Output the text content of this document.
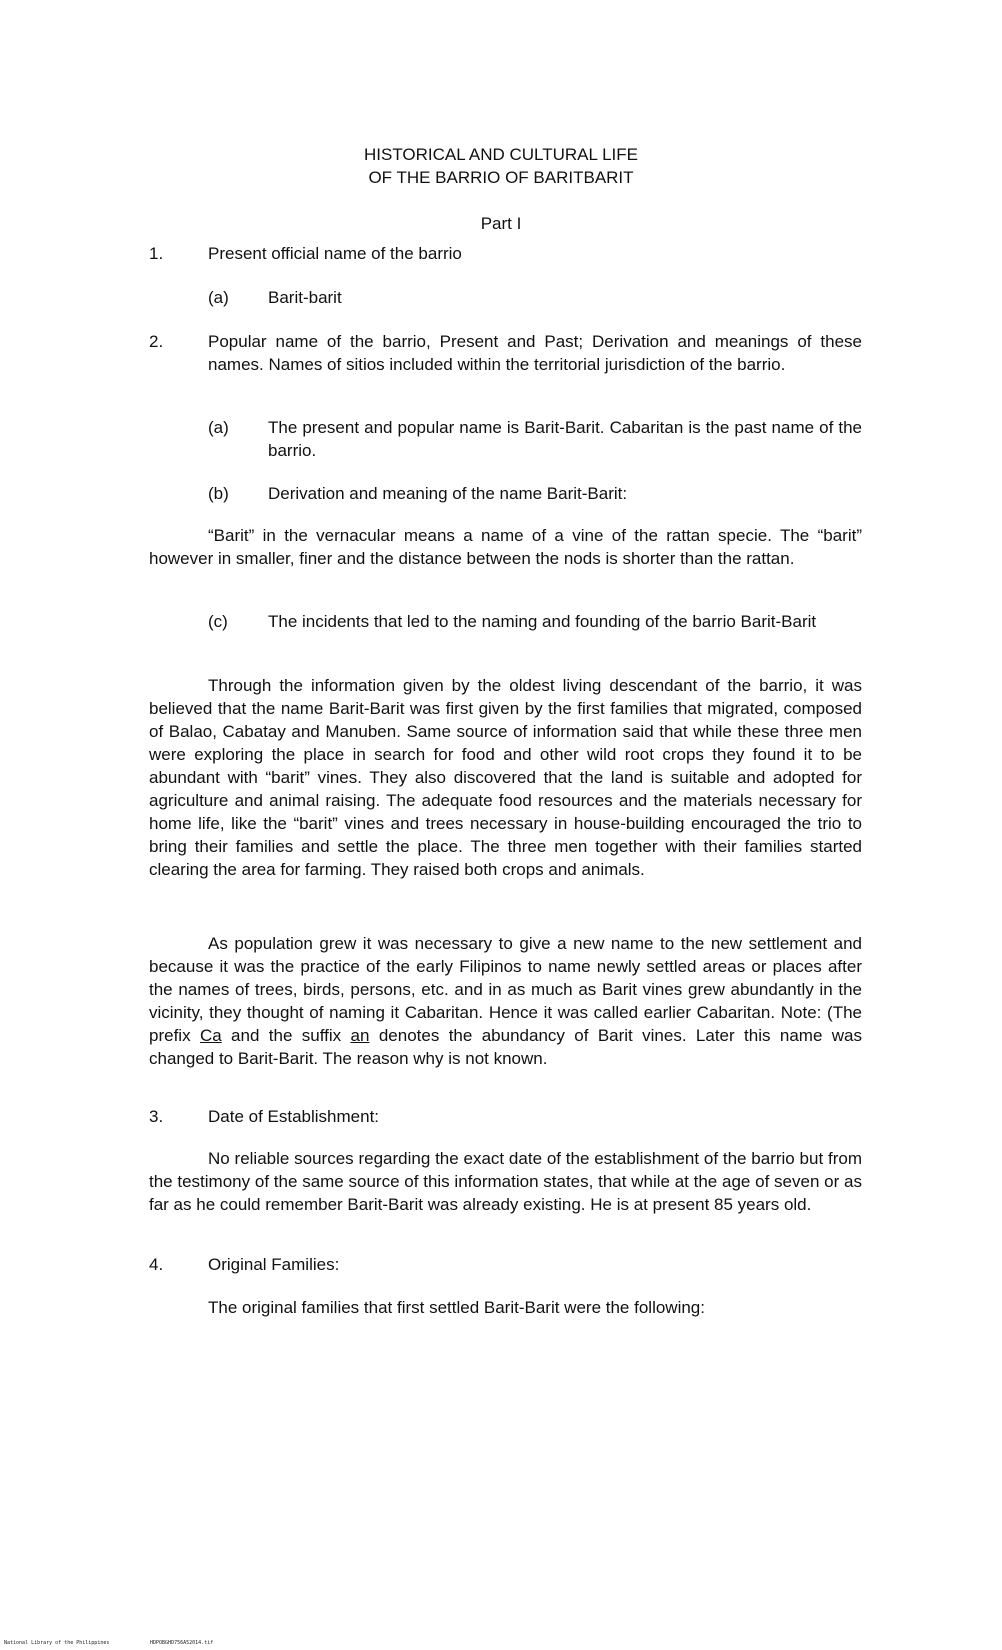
HISTORICAL AND CULTURAL LIFE
OF THE BARRIO OF BARITBARIT
Part I
1.	Present official name of the barrio
(a) Barit-barit
2.	Popular name of the barrio, Present and Past; Derivation and meanings of these names. Names of sitios included within the territorial jurisdiction of the barrio.
(a) The present and popular name is Barit-Barit. Cabaritan is the past name of the barrio.
(b) Derivation and meaning of the name Barit-Barit:
“Barit” in the vernacular means a name of a vine of the rattan specie. The “barit” however in smaller, finer and the distance between the nods is shorter than the rattan.
(c) The incidents that led to the naming and founding of the barrio Barit-Barit
Through the information given by the oldest living descendant of the barrio, it was believed that the name Barit-Barit was first given by the first families that migrated, composed of Balao, Cabatay and Manuben. Same source of information said that while these three men were exploring the place in search for food and other wild root crops they found it to be abundant with “barit” vines. They also discovered that the land is suitable and adopted for agriculture and animal raising. The adequate food resources and the materials necessary for home life, like the “barit” vines and trees necessary in house-building encouraged the trio to bring their families and settle the place. The three men together with their families started clearing the area for farming. They raised both crops and animals.
As population grew it was necessary to give a new name to the new settlement and because it was the practice of the early Filipinos to name newly settled areas or places after the names of trees, birds, persons, etc. and in as much as Barit vines grew abundantly in the vicinity, they thought of naming it Cabaritan. Hence it was called earlier Cabaritan. Note: (The prefix Ca and the suffix an denotes the abundancy of Barit vines. Later this name was changed to Barit-Barit. The reason why is not known.
3.	Date of Establishment:
No reliable sources regarding the exact date of the establishment of the barrio but from the testimony of the same source of this information states, that while at the age of seven or as far as he could remember Barit-Barit was already existing. He is at present 85 years old.
4.	Original Families:
The original families that first settled Barit-Barit were the following:
National Library of the Philippines	HDPOBGHD756A52014.tif
